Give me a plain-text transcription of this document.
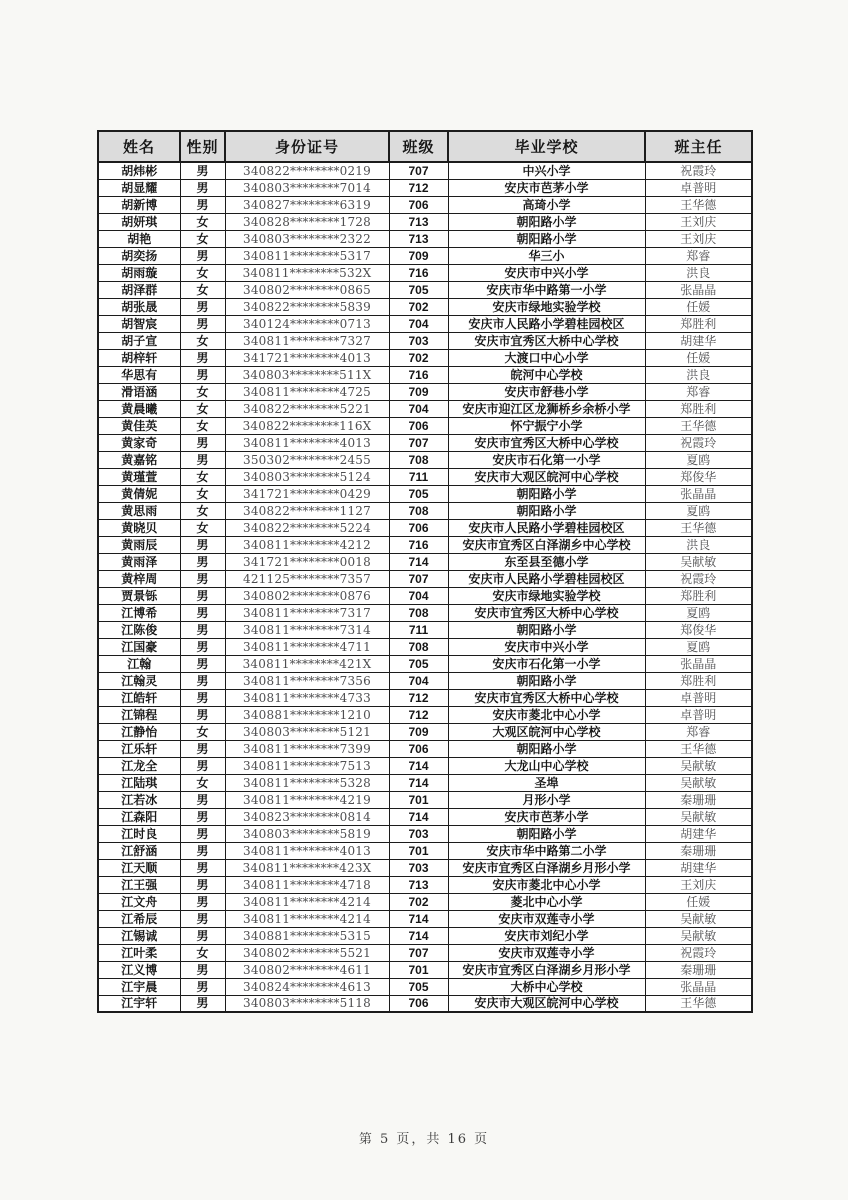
姓名	性别	身份证号	班级	毕业学校	班主任
胡炜彬	男	340822********0219	707	中兴小学	祝霞玲
胡显耀	男	340803********7014	712	安庆市芭茅小学	卓普明
胡新博	男	340827********6319	706	高琦小学	王华德
胡妍琪	女	340828********1728	713	朝阳路小学	王刘庆
胡艳	女	340803********2322	713	朝阳路小学	王刘庆
胡奕扬	男	340811********5317	709	华三小	郑睿
胡雨璇	女	340811********532X	716	安庆市中兴小学	洪良
胡泽群	女	340802********0865	705	安庆市华中路第一小学	张晶晶
胡张晟	男	340822********5839	702	安庆市绿地实验学校	任媛
胡智宸	男	340124********0713	704	安庆市人民路小学碧桂园校区	郑胜利
胡子宣	女	340811********7327	703	安庆市宜秀区大桥中心学校	胡建华
胡梓轩	男	341721********4013	702	大渡口中心小学	任媛
华思有	男	340803********511X	716	皖河中心学校	洪良
滑语涵	女	340811********4725	709	安庆市舒巷小学	郑睿
黄晨曦	女	340822********5221	704	安庆市迎江区龙狮桥乡余桥小学	郑胜利
黄佳英	女	340822********116X	706	怀宁振宁小学	王华德
黄家奇	男	340811********4013	707	安庆市宜秀区大桥中心学校	祝霞玲
黄嘉铭	男	350302********2455	708	安庆市石化第一小学	夏鸥
黄瑾萱	女	340803********5124	711	安庆市大观区皖河中心学校	郑俊华
黄倩妮	女	341721********0429	705	朝阳路小学	张晶晶
黄思雨	女	340822********1127	708	朝阳路小学	夏鸥
黄晓贝	女	340822********5224	706	安庆市人民路小学碧桂园校区	王华德
黄雨辰	男	340811********4212	716	安庆市宜秀区白泽湖乡中心学校	洪良
黄雨泽	男	341721********0018	714	东至县至德小学	吴献敏
黄梓周	男	421125********7357	707	安庆市人民路小学碧桂园校区	祝霞玲
贾景铄	男	340802********0876	704	安庆市绿地实验学校	郑胜利
江博希	男	340811********7317	708	安庆市宜秀区大桥中心学校	夏鸥
江陈俊	男	340811********7314	711	朝阳路小学	郑俊华
江国豪	男	340811********4711	708	安庆市中兴小学	夏鸥
江翰	男	340811********421X	705	安庆市石化第一小学	张晶晶
江翰灵	男	340811********7356	704	朝阳路小学	郑胜利
江皓轩	男	340811********4733	712	安庆市宜秀区大桥中心学校	卓普明
江锦程	男	340881********1210	712	安庆市菱北中心小学	卓普明
江静怡	女	340803********5121	709	大观区皖河中心学校	郑睿
江乐轩	男	340811********7399	706	朝阳路小学	王华德
江龙全	男	340811********7513	714	大龙山中心学校	吴献敏
江陆琪	女	340811********5328	714	圣埠	吴献敏
江若冰	男	340811********4219	701	月形小学	秦珊珊
江森阳	男	340823********0814	714	安庆市芭茅小学	吴献敏
江时良	男	340803********5819	703	朝阳路小学	胡建华
江舒涵	男	340811********4013	701	安庆市华中路第二小学	秦珊珊
江天顺	男	340811********423X	703	安庆市宜秀区白泽湖乡月形小学	胡建华
江王强	男	340811********4718	713	安庆市菱北中心小学	王刘庆
江文舟	男	340811********4214	702	菱北中心小学	任媛
江希辰	男	340811********4214	714	安庆市双莲寺小学	吴献敏
江锡诚	男	340881********5315	714	安庆市刘纪小学	吴献敏
江叶柔	女	340802********5521	707	安庆市双莲寺小学	祝霞玲
江义博	男	340802********4611	701	安庆市宜秀区白泽湖乡月形小学	秦珊珊
江宇晨	男	340824********4613	705	大桥中心学校	张晶晶
江宇轩	男	340803********5118	706	安庆市大观区皖河中心学校	王华德
第 5 页，共 16 页
